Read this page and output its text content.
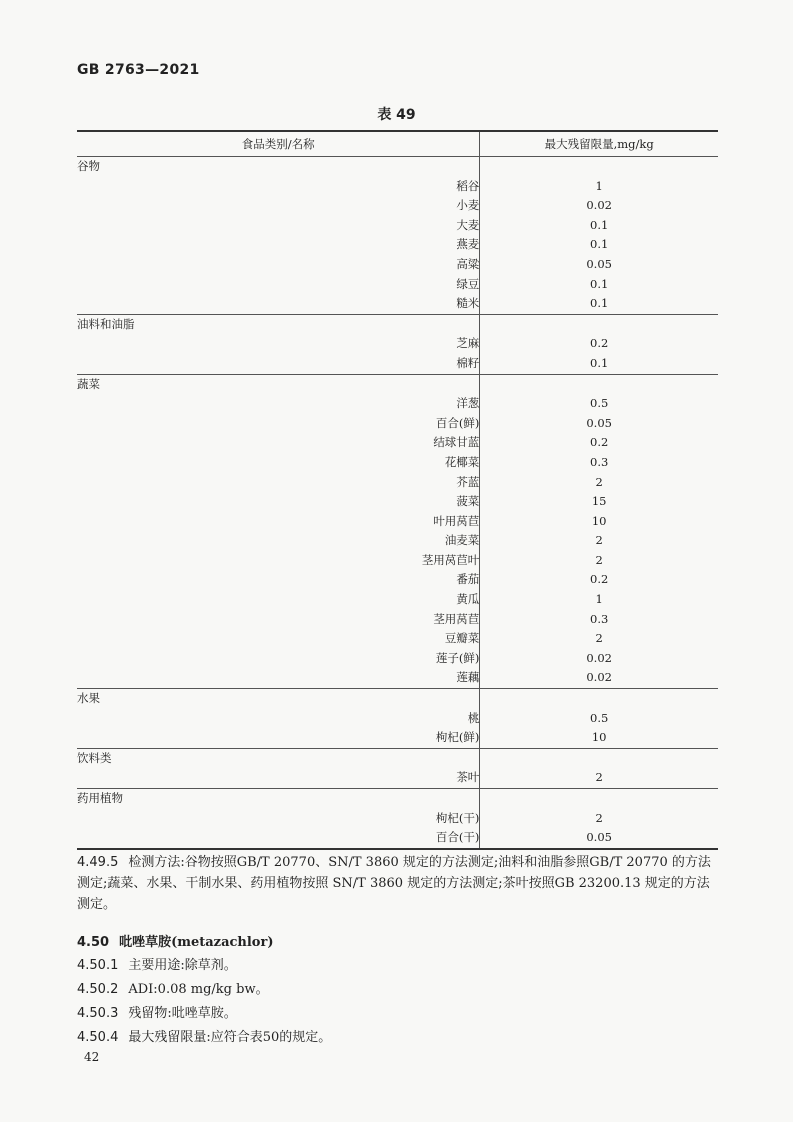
GB 2763—2021
表 49
食品类别/名称	最大残留限量,mg/kg
谷物	
稻谷	1
小麦	0.02
大麦	0.1
燕麦	0.1
高粱	0.05
绿豆	0.1
糙米	0.1
油料和油脂	
芝麻	0.2
棉籽	0.1
蔬菜	
洋葱	0.5
百合(鲜)	0.05
结球甘蓝	0.2
花椰菜	0.3
芥蓝	2
菠菜	15
叶用莴苣	10
油麦菜	2
茎用莴苣叶	2
番茄	0.2
黄瓜	1
茎用莴苣	0.3
豆瓣菜	2
莲子(鲜)	0.02
莲藕	0.02
水果	
桃	0.5
枸杞(鲜)	10
饮料类	
茶叶	2
药用植物	
枸杞(干)	2
百合(干)	0.05
4.49.5 检测方法:谷物按照GB/T 20770、SN/T 3860 规定的方法测定;油料和油脂参照GB/T 20770 的方法测定;蔬菜、水果、干制水果、药用植物按照 SN/T 3860 规定的方法测定;茶叶按照GB 23200.13 规定的方法测定。
4.50 吡唑草胺(metazachlor)
4.50.1 主要用途:除草剂。
4.50.2 ADI:0.08 mg/kg bw。
4.50.3 残留物:吡唑草胺。
4.50.4 最大残留限量:应符合表50的规定。
42
